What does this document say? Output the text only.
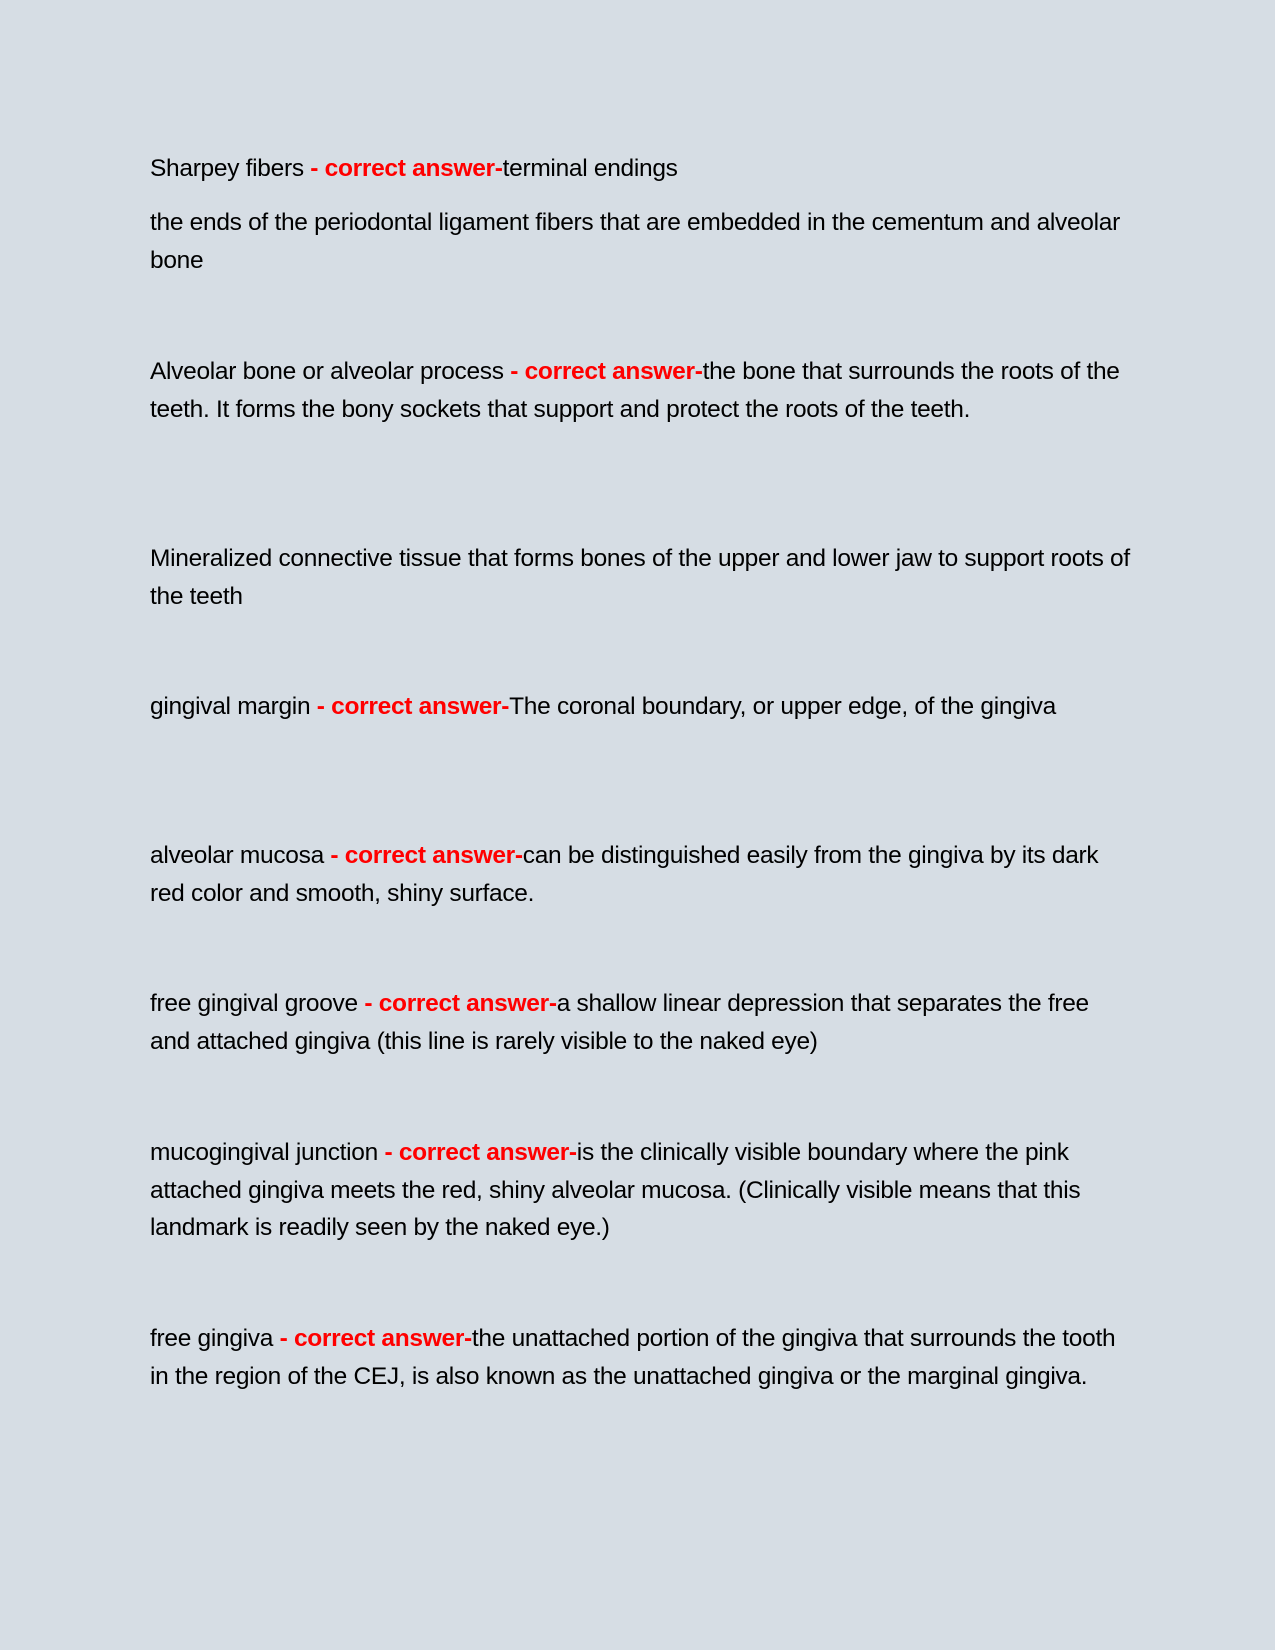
Sharpey fibers - correct answer-terminal endings

the ends of the periodontal ligament fibers that are embedded in the cementum and alveolar bone

Alveolar bone or alveolar process - correct answer-the bone that surrounds the roots of the teeth. It forms the bony sockets that support and protect the roots of the teeth.

Mineralized connective tissue that forms bones of the upper and lower jaw to support roots of the teeth

gingival margin - correct answer-The coronal boundary, or upper edge, of the gingiva

alveolar mucosa - correct answer-can be distinguished easily from the gingiva by its dark red color and smooth, shiny surface.

free gingival groove - correct answer-a shallow linear depression that separates the free and attached gingiva (this line is rarely visible to the naked eye)

mucogingival junction - correct answer-is the clinically visible boundary where the pink attached gingiva meets the red, shiny alveolar mucosa. (Clinically visible means that this landmark is readily seen by the naked eye.)

free gingiva - correct answer-the unattached portion of the gingiva that surrounds the tooth in the region of the CEJ, is also known as the unattached gingiva or the marginal gingiva.
